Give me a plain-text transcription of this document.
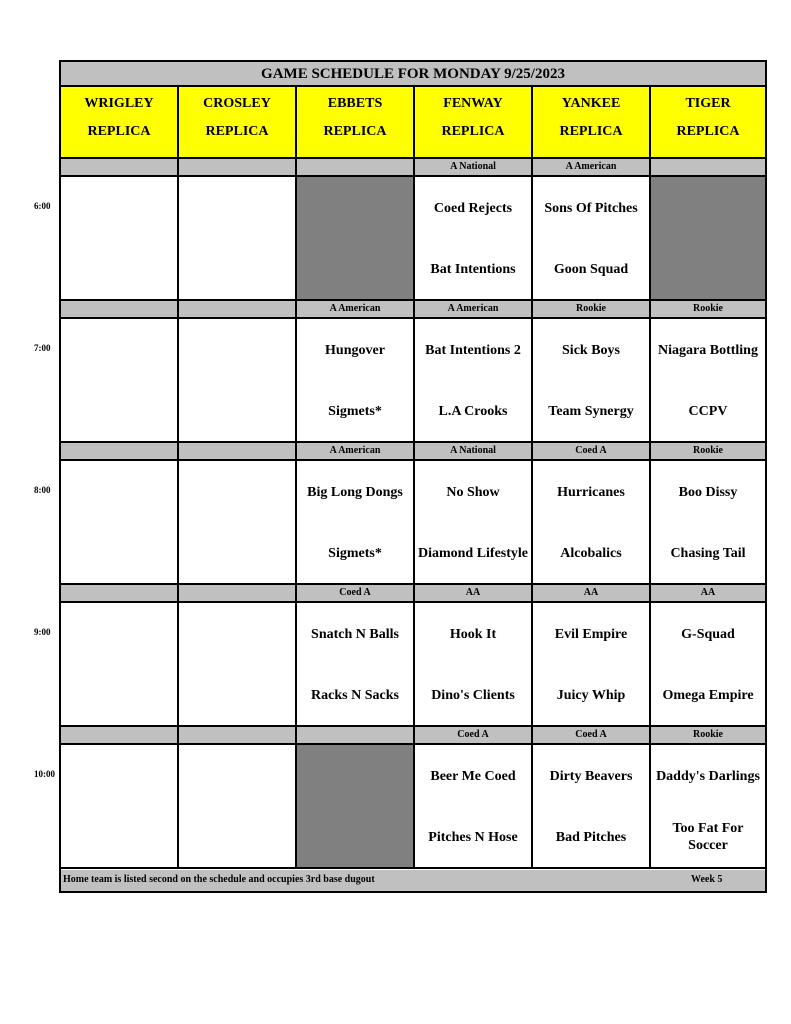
GAME SCHEDULE FOR MONDAY 9/25/2023
WRIGLEY
REPLICA
CROSLEY
REPLICA
EBBETS
REPLICA
FENWAY
REPLICA
YANKEE
REPLICA
TIGER
REPLICA
A National
Coed Rejects
Bat Intentions
A American
Sons Of Pitches
Goon Squad
A American
Hungover
Sigmets*
A American
Bat Intentions 2
L.A Crooks
Rookie
Sick Boys
Team Synergy
Rookie
Niagara Bottling
CCPV
A American
Big Long Dongs
Sigmets*
A National
No Show
Diamond Lifestyle
Coed A
Hurricanes
Alcobalics
Rookie
Boo Dissy
Chasing Tail
Coed A
Snatch N Balls
Racks N Sacks
AA
Hook It
Dino's Clients
AA
Evil Empire
Juicy Whip
AA
G-Squad
Omega Empire
Coed A
Beer Me Coed
Pitches N Hose
Coed A
Dirty Beavers
Bad Pitches
Rookie
Daddy's Darlings
Too Fat For Soccer
Home team is listed second on the schedule and occupies 3rd base dugout	Week 5
6:00
7:00
8:00
9:00
10:00
